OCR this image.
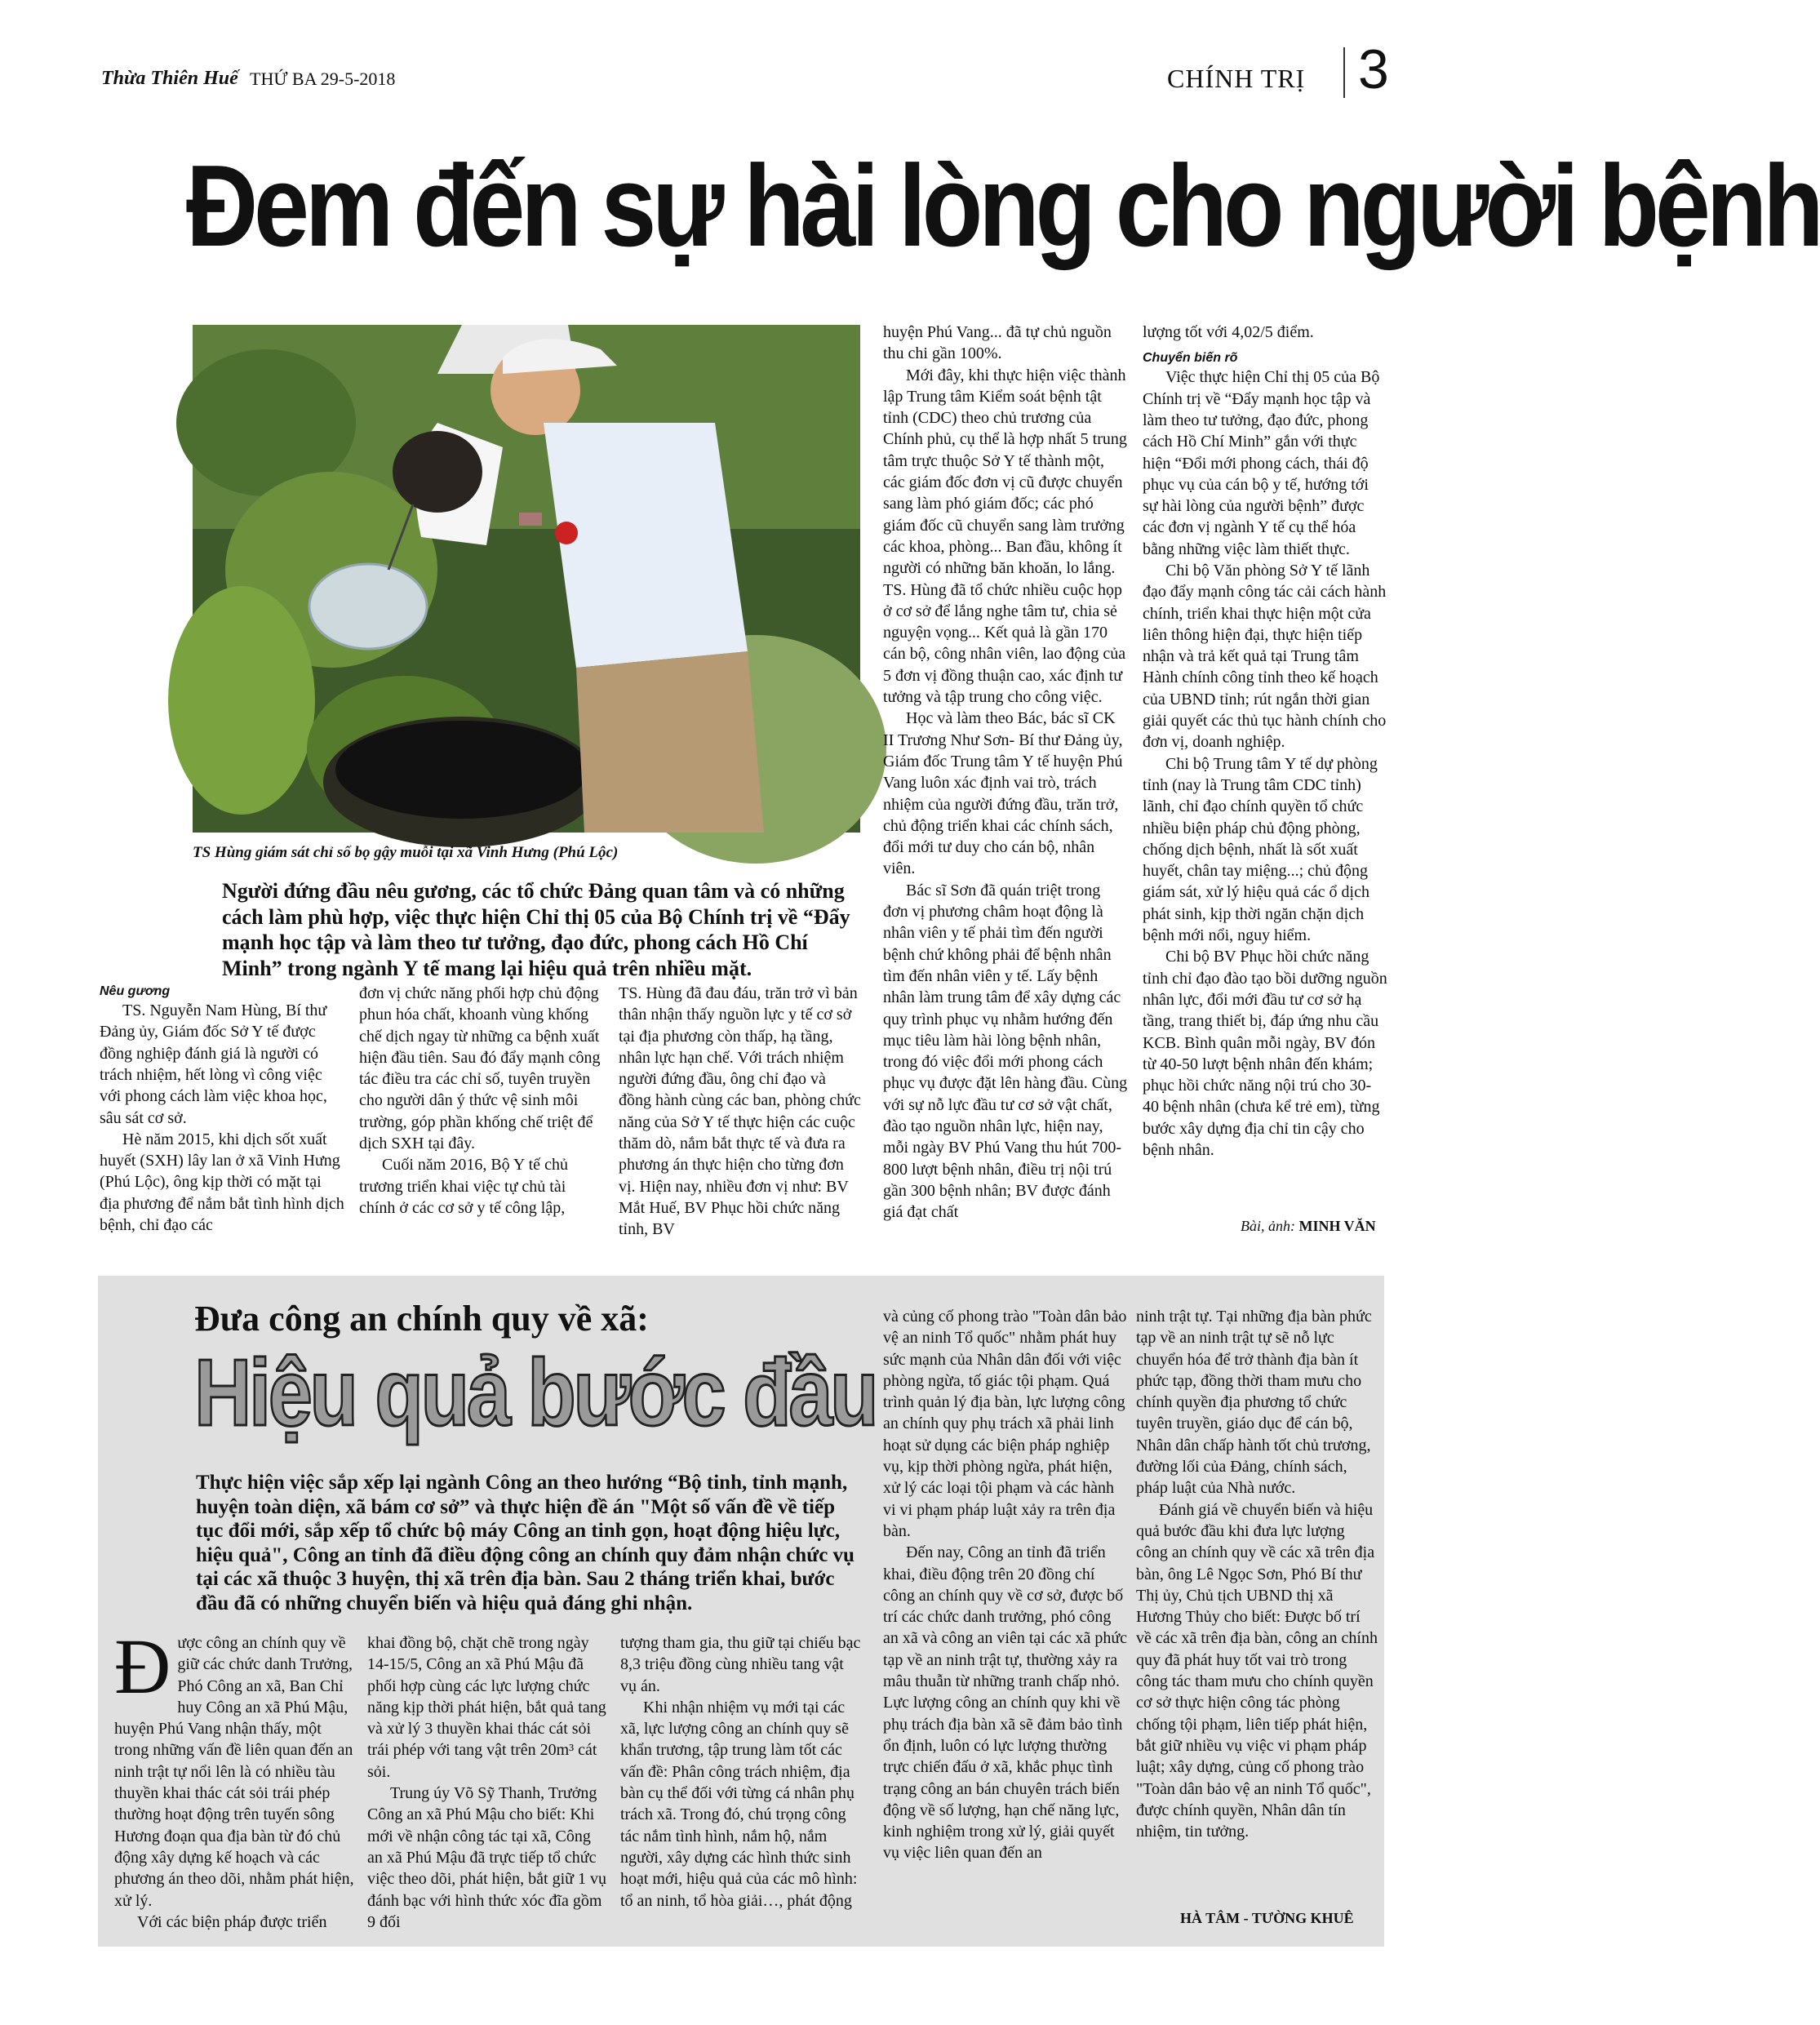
Thừa Thiên Huế THỨ BA 29-5-2018	CHÍNH TRỊ 3
Đem đến sự hài lòng cho người bệnh
TS Hùng giám sát chỉ số bọ gậy muỗi tại xã Vinh Hưng (Phú Lộc)
Người đứng đầu nêu gương, các tổ chức Đảng quan tâm và có những cách làm phù hợp, việc thực hiện Chỉ thị 05 của Bộ Chính trị về “Đẩy mạnh học tập và làm theo tư tưởng, đạo đức, phong cách Hồ Chí Minh” trong ngành Y tế mang lại hiệu quả trên nhiều mặt.

Nêu gương

TS. Nguyễn Nam Hùng, Bí thư Đảng ủy, Giám đốc Sở Y tế được đồng nghiệp đánh giá là người có trách nhiệm, hết lòng vì công việc với phong cách làm việc khoa học, sâu sát cơ sở.

Hè năm 2015, khi dịch sốt xuất huyết (SXH) lây lan ở xã Vinh Hưng (Phú Lộc), ông kịp thời có mặt tại địa phương để nắm bắt tình hình dịch bệnh, chỉ đạo các

đơn vị chức năng phối hợp chủ động phun hóa chất, khoanh vùng khống chế dịch ngay từ những ca bệnh xuất hiện đầu tiên. Sau đó đẩy mạnh công tác điều tra các chỉ số, tuyên truyền cho người dân ý thức vệ sinh môi trường, góp phần khống chế triệt để dịch SXH tại đây.

Cuối năm 2016, Bộ Y tế chủ trương triển khai việc tự chủ tài chính ở các cơ sở y tế công lập,

TS. Hùng đã đau đáu, trăn trở vì bản thân nhận thấy nguồn lực y tế cơ sở tại địa phương còn thấp, hạ tầng, nhân lực hạn chế. Với trách nhiệm người đứng đầu, ông chỉ đạo và đồng hành cùng các ban, phòng chức năng của Sở Y tế thực hiện các cuộc thăm dò, nắm bắt thực tế và đưa ra phương án thực hiện cho từng đơn vị. Hiện nay, nhiều đơn vị như: BV Mắt Huế, BV Phục hồi chức năng tỉnh, BV

huyện Phú Vang... đã tự chủ nguồn thu chi gần 100%.

Mới đây, khi thực hiện việc thành lập Trung tâm Kiểm soát bệnh tật tỉnh (CDC) theo chủ trương của Chính phủ, cụ thể là hợp nhất 5 trung tâm trực thuộc Sở Y tế thành một, các giám đốc đơn vị cũ được chuyển sang làm phó giám đốc; các phó giám đốc cũ chuyển sang làm trưởng các khoa, phòng... Ban đầu, không ít người có những băn khoăn, lo lắng. TS. Hùng đã tổ chức nhiều cuộc họp ở cơ sở để lắng nghe tâm tư, chia sẻ nguyện vọng... Kết quả là gần 170 cán bộ, công nhân viên, lao động của 5 đơn vị đồng thuận cao, xác định tư tưởng và tập trung cho công việc.

Học và làm theo Bác, bác sĩ CK II Trương Như Sơn- Bí thư Đảng ủy, Giám đốc Trung tâm Y tế huyện Phú Vang luôn xác định vai trò, trách nhiệm của người đứng đầu, trăn trở, chủ động triển khai các chính sách, đổi mới tư duy cho cán bộ, nhân viên.

Bác sĩ Sơn đã quán triệt trong đơn vị phương châm hoạt động là nhân viên y tế phải tìm đến người bệnh chứ không phải để bệnh nhân tìm đến nhân viên y tế. Lấy bệnh nhân làm trung tâm để xây dựng các quy trình phục vụ nhằm hướng đến mục tiêu làm hài lòng bệnh nhân, trong đó việc đổi mới phong cách phục vụ được đặt lên hàng đầu. Cùng với sự nỗ lực đầu tư cơ sở vật chất, đào tạo nguồn nhân lực, hiện nay, mỗi ngày BV Phú Vang thu hút 700-800 lượt bệnh nhân, điều trị nội trú gần 300 bệnh nhân; BV được đánh giá đạt chất

lượng tốt với 4,02/5 điểm.

Chuyển biến rõ

Việc thực hiện Chỉ thị 05 của Bộ Chính trị về “Đẩy mạnh học tập và làm theo tư tưởng, đạo đức, phong cách Hồ Chí Minh” gắn với thực hiện “Đổi mới phong cách, thái độ phục vụ của cán bộ y tế, hướng tới sự hài lòng của người bệnh” được các đơn vị ngành Y tế cụ thể hóa bằng những việc làm thiết thực.

Chi bộ Văn phòng Sở Y tế lãnh đạo đẩy mạnh công tác cải cách hành chính, triển khai thực hiện một cửa liên thông hiện đại, thực hiện tiếp nhận và trả kết quả tại Trung tâm Hành chính công tỉnh theo kế hoạch của UBND tỉnh; rút ngắn thời gian giải quyết các thủ tục hành chính cho đơn vị, doanh nghiệp.

Chi bộ Trung tâm Y tế dự phòng tỉnh (nay là Trung tâm CDC tỉnh) lãnh, chỉ đạo chính quyền tổ chức nhiều biện pháp chủ động phòng, chống dịch bệnh, nhất là sốt xuất huyết, chân tay miệng...; chủ động giám sát, xử lý hiệu quả các ổ dịch phát sinh, kịp thời ngăn chặn dịch bệnh mới nổi, nguy hiểm.

Chi bộ BV Phục hồi chức năng tỉnh chỉ đạo đào tạo bồi dưỡng nguồn nhân lực, đổi mới đầu tư cơ sở hạ tầng, trang thiết bị, đáp ứng nhu cầu KCB. Bình quân mỗi ngày, BV đón từ 40-50 lượt bệnh nhân đến khám; phục hồi chức năng nội trú cho 30-40 bệnh nhân (chưa kể trẻ em), từng bước xây dựng địa chỉ tin cậy cho bệnh nhân.

Bài, ảnh: MINH VĂN
Đưa công an chính quy về xã:
Hiệu quả bước đầu
Thực hiện việc sắp xếp lại ngành Công an theo hướng “Bộ tinh, tỉnh mạnh, huyện toàn diện, xã bám cơ sở” và thực hiện đề án "Một số vấn đề về tiếp tục đổi mới, sắp xếp tổ chức bộ máy Công an tinh gọn, hoạt động hiệu lực, hiệu quả", Công an tỉnh đã điều động công an chính quy đảm nhận chức vụ tại các xã thuộc 3 huyện, thị xã trên địa bàn. Sau 2 tháng triển khai, bước đầu đã có những chuyển biến và hiệu quả đáng ghi nhận.

Được công an chính quy về giữ các chức danh Trưởng, Phó Công an xã, Ban Chỉ huy Công an xã Phú Mậu, huyện Phú Vang nhận thấy, một trong những vấn đề liên quan đến an ninh trật tự nổi lên là có nhiều tàu thuyền khai thác cát sỏi trái phép thường hoạt động trên tuyến sông Hương đoạn qua địa bàn từ đó chủ động xây dựng kế hoạch và các phương án theo dõi, nhằm phát hiện, xử lý.

Với các biện pháp được triển

khai đồng bộ, chặt chẽ trong ngày 14-15/5, Công an xã Phú Mậu đã phối hợp cùng các lực lượng chức năng kịp thời phát hiện, bắt quả tang và xử lý 3 thuyền khai thác cát sỏi trái phép với tang vật trên 20m³ cát sỏi.

Trung úy Võ Sỹ Thanh, Trưởng Công an xã Phú Mậu cho biết: Khi mới về nhận công tác tại xã, Công an xã Phú Mậu đã trực tiếp tổ chức việc theo dõi, phát hiện, bắt giữ 1 vụ đánh bạc với hình thức xóc đĩa gồm 9 đối

tượng tham gia, thu giữ tại chiếu bạc 8,3 triệu đồng cùng nhiều tang vật vụ án.

Khi nhận nhiệm vụ mới tại các xã, lực lượng công an chính quy sẽ khẩn trương, tập trung làm tốt các vấn đề: Phân công trách nhiệm, địa bàn cụ thể đối với từng cá nhân phụ trách xã. Trong đó, chú trọng công tác nắm tình hình, nắm hộ, nắm người, xây dựng các hình thức sinh hoạt mới, hiệu quả của các mô hình: tổ an ninh, tổ hòa giải…, phát động

và củng cố phong trào "Toàn dân bảo vệ an ninh Tổ quốc" nhằm phát huy sức mạnh của Nhân dân đối với việc phòng ngừa, tố giác tội phạm. Quá trình quản lý địa bàn, lực lượng công an chính quy phụ trách xã phải linh hoạt sử dụng các biện pháp nghiệp vụ, kịp thời phòng ngừa, phát hiện, xử lý các loại tội phạm và các hành vi vi phạm pháp luật xảy ra trên địa bàn.

Đến nay, Công an tỉnh đã triển khai, điều động trên 20 đồng chí công an chính quy về cơ sở, được bố trí các chức danh trưởng, phó công an xã và công an viên tại các xã phức tạp về an ninh trật tự, thường xảy ra mâu thuẫn từ những tranh chấp nhỏ. Lực lượng công an chính quy khi về phụ trách địa bàn xã sẽ đảm bảo tình ổn định, luôn có lực lượng thường trực chiến đấu ở xã, khắc phục tình trạng công an bán chuyên trách biến động về số lượng, hạn chế năng lực, kinh nghiệm trong xử lý, giải quyết vụ việc liên quan đến an

ninh trật tự. Tại những địa bàn phức tạp về an ninh trật tự sẽ nỗ lực chuyển hóa để trở thành địa bàn ít phức tạp, đồng thời tham mưu cho chính quyền địa phương tổ chức tuyên truyền, giáo dục để cán bộ, Nhân dân chấp hành tốt chủ trương, đường lối của Đảng, chính sách, pháp luật của Nhà nước.

Đánh giá về chuyển biến và hiệu quả bước đầu khi đưa lực lượng công an chính quy về các xã trên địa bàn, ông Lê Ngọc Sơn, Phó Bí thư Thị ủy, Chủ tịch UBND thị xã Hương Thủy cho biết: Được bố trí về các xã trên địa bàn, công an chính quy đã phát huy tốt vai trò trong công tác tham mưu cho chính quyền cơ sở thực hiện công tác phòng chống tội phạm, liên tiếp phát hiện, bắt giữ nhiều vụ việc vi phạm pháp luật; xây dựng, củng cố phong trào "Toàn dân bảo vệ an ninh Tổ quốc", được chính quyền, Nhân dân tín nhiệm, tin tưởng.

HÀ TÂM - TƯỜNG KHUÊ
